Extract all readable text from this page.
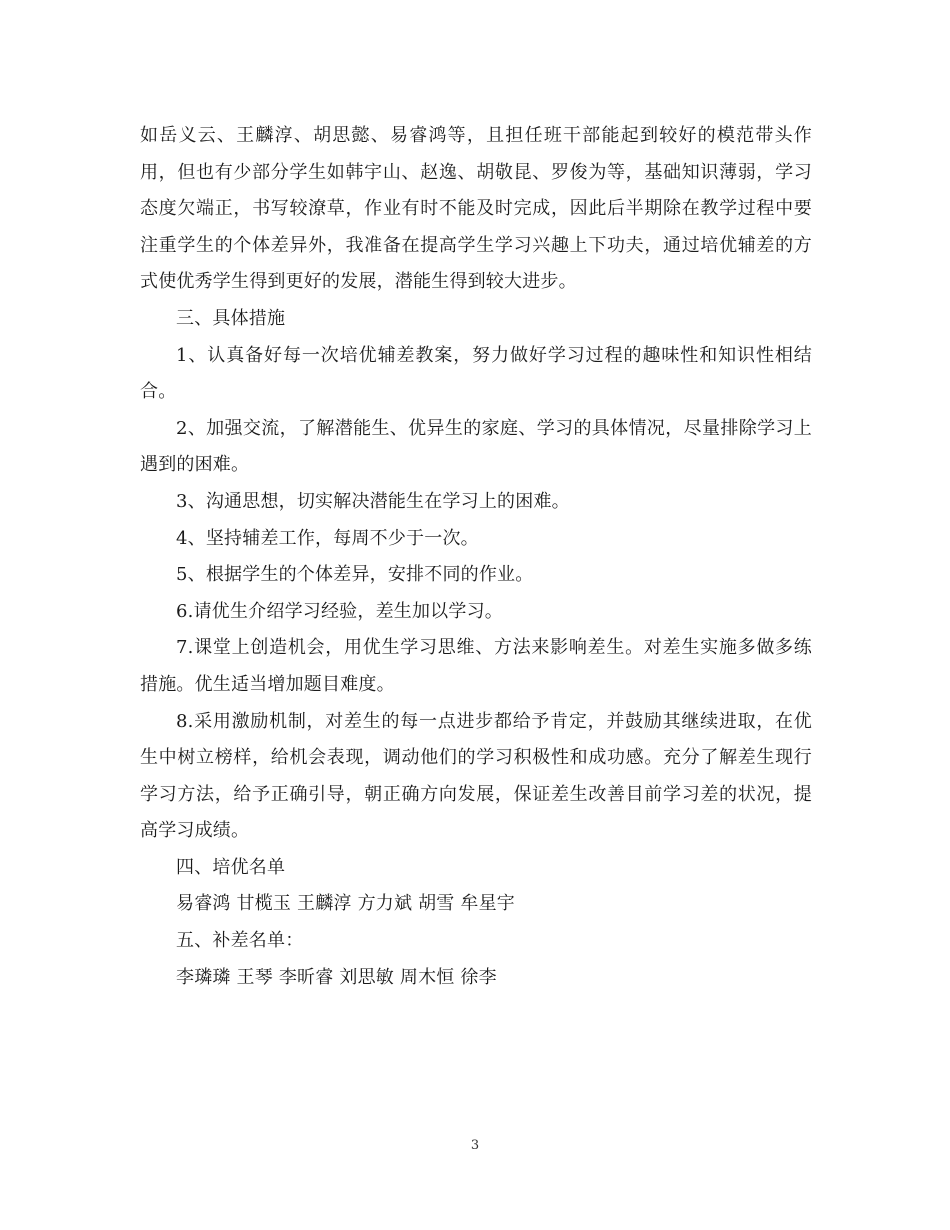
如岳义云、王麟淳、胡思懿、易睿鸿等，且担任班干部能起到较好的模范带头作用，但也有少部分学生如韩宇山、赵逸、胡敬昆、罗俊为等，基础知识薄弱，学习态度欠端正，书写较潦草，作业有时不能及时完成，因此后半期除在教学过程中要注重学生的个体差异外，我准备在提高学生学习兴趣上下功夫，通过培优辅差的方式使优秀学生得到更好的发展，潜能生得到较大进步。

三、具体措施

1、认真备好每一次培优辅差教案，努力做好学习过程的趣味性和知识性相结合。

2、加强交流，了解潜能生、优异生的家庭、学习的具体情况，尽量排除学习上遇到的困难。

3、沟通思想，切实解决潜能生在学习上的困难。

4、坚持辅差工作，每周不少于一次。

5、根据学生的个体差异，安排不同的作业。

6.请优生介绍学习经验，差生加以学习。

7.课堂上创造机会，用优生学习思维、方法来影响差生。对差生实施多做多练措施。优生适当增加题目难度。

8.采用激励机制，对差生的每一点进步都给予肯定，并鼓励其继续进取，在优生中树立榜样，给机会表现，调动他们的学习积极性和成功感。充分了解差生现行学习方法，给予正确引导，朝正确方向发展，保证差生改善目前学习差的状况，提高学习成绩。

四、培优名单

易睿鸿 甘榄玉 王麟淳 方力斌 胡雪 牟星宇

五、补差名单：

李璘璘 王琴 李昕睿 刘思敏 周木恒 徐李

3
